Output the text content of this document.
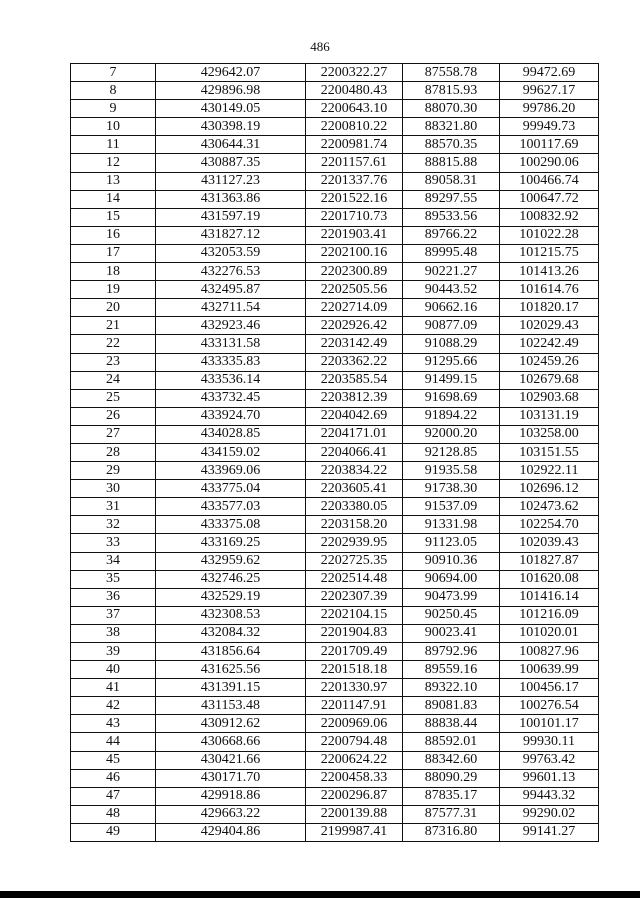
486
7	429642.07	2200322.27	87558.78	99472.69
8	429896.98	2200480.43	87815.93	99627.17
9	430149.05	2200643.10	88070.30	99786.20
10	430398.19	2200810.22	88321.80	99949.73
11	430644.31	2200981.74	88570.35	100117.69
12	430887.35	2201157.61	88815.88	100290.06
13	431127.23	2201337.76	89058.31	100466.74
14	431363.86	2201522.16	89297.55	100647.72
15	431597.19	2201710.73	89533.56	100832.92
16	431827.12	2201903.41	89766.22	101022.28
17	432053.59	2202100.16	89995.48	101215.75
18	432276.53	2202300.89	90221.27	101413.26
19	432495.87	2202505.56	90443.52	101614.76
20	432711.54	2202714.09	90662.16	101820.17
21	432923.46	2202926.42	90877.09	102029.43
22	433131.58	2203142.49	91088.29	102242.49
23	433335.83	2203362.22	91295.66	102459.26
24	433536.14	2203585.54	91499.15	102679.68
25	433732.45	2203812.39	91698.69	102903.68
26	433924.70	2204042.69	91894.22	103131.19
27	434028.85	2204171.01	92000.20	103258.00
28	434159.02	2204066.41	92128.85	103151.55
29	433969.06	2203834.22	91935.58	102922.11
30	433775.04	2203605.41	91738.30	102696.12
31	433577.03	2203380.05	91537.09	102473.62
32	433375.08	2203158.20	91331.98	102254.70
33	433169.25	2202939.95	91123.05	102039.43
34	432959.62	2202725.35	90910.36	101827.87
35	432746.25	2202514.48	90694.00	101620.08
36	432529.19	2202307.39	90473.99	101416.14
37	432308.53	2202104.15	90250.45	101216.09
38	432084.32	2201904.83	90023.41	101020.01
39	431856.64	2201709.49	89792.96	100827.96
40	431625.56	2201518.18	89559.16	100639.99
41	431391.15	2201330.97	89322.10	100456.17
42	431153.48	2201147.91	89081.83	100276.54
43	430912.62	2200969.06	88838.44	100101.17
44	430668.66	2200794.48	88592.01	99930.11
45	430421.66	2200624.22	88342.60	99763.42
46	430171.70	2200458.33	88090.29	99601.13
47	429918.86	2200296.87	87835.17	99443.32
48	429663.22	2200139.88	87577.31	99290.02
49	429404.86	2199987.41	87316.80	99141.27
